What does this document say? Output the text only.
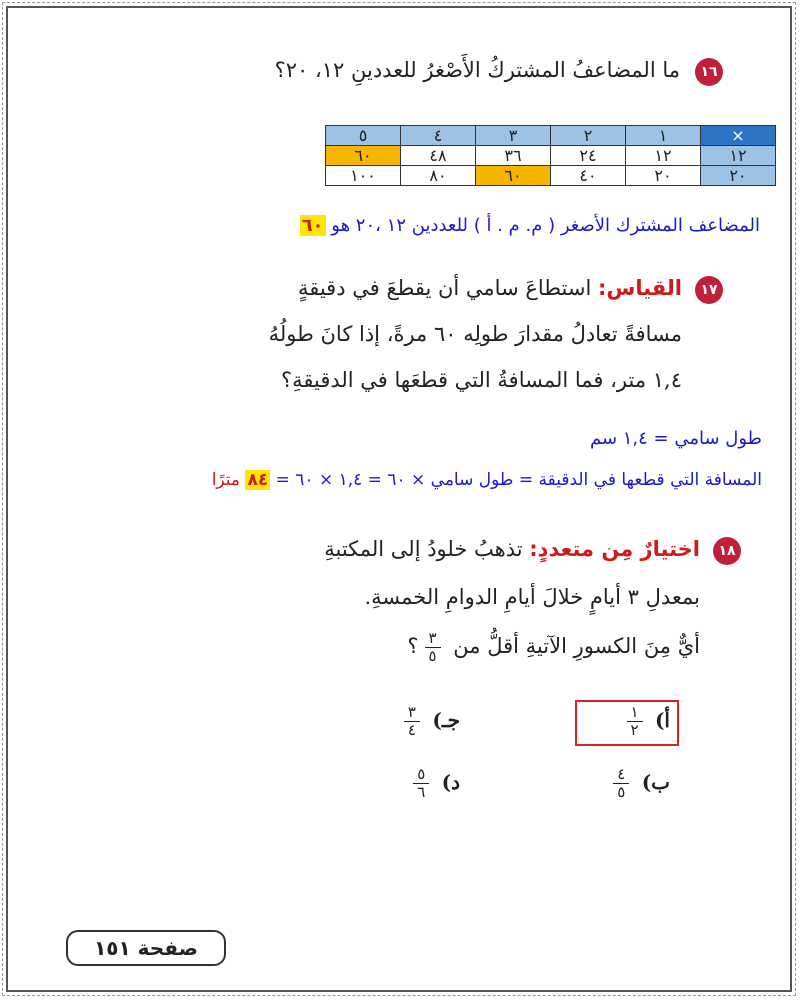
١٦
ما المضاعفُ المشتركُ الأَصْغرُ للعددينِ ١٢، ٢٠؟
×	١	٢	٣	٤	٥
١٢	١٢	٢٤	٣٦	٤٨	٦٠
٢٠	٢٠	٤٠	٦٠	٨٠	١٠٠
المضاعف المشترك الأصغر ( م. م . أ ) للعددين ١٢ ،٢٠ هو ٦٠
١٧
القياس: استطاعَ سامي أن يقطعَ في دقيقةٍ
مسافةً تعادلُ مقدارَ طولِه ٦٠ مرةً، إذا كانَ طولُهُ
١,٤ متر، فما المسافةُ التي قطعَها في الدقيقةِ؟
طول سامي = ١,٤ سم
المسافة التي قطعها في الدقيقة = طول سامي × ٦٠ = ١,٤ × ٦٠ = ٨٤ مترًا
١٨
اختيارٌ مِن متعددٍ: تذهبُ خلودُ إلى المكتبةِ
بمعدلِ ٣ أيامٍ خلالَ أيامِ الدوامِ الخمسةِ.
أيٌّ مِنَ الكسورِ الآتيةِ أقلُّ من
$\frac{٣}{٥}$
؟
أ)
$\frac{١}{٢}$
ب)
$\frac{٤}{٥}$
جـ)
$\frac{٣}{٤}$
د)
$\frac{٥}{٦}$
صفحة ١٥١
